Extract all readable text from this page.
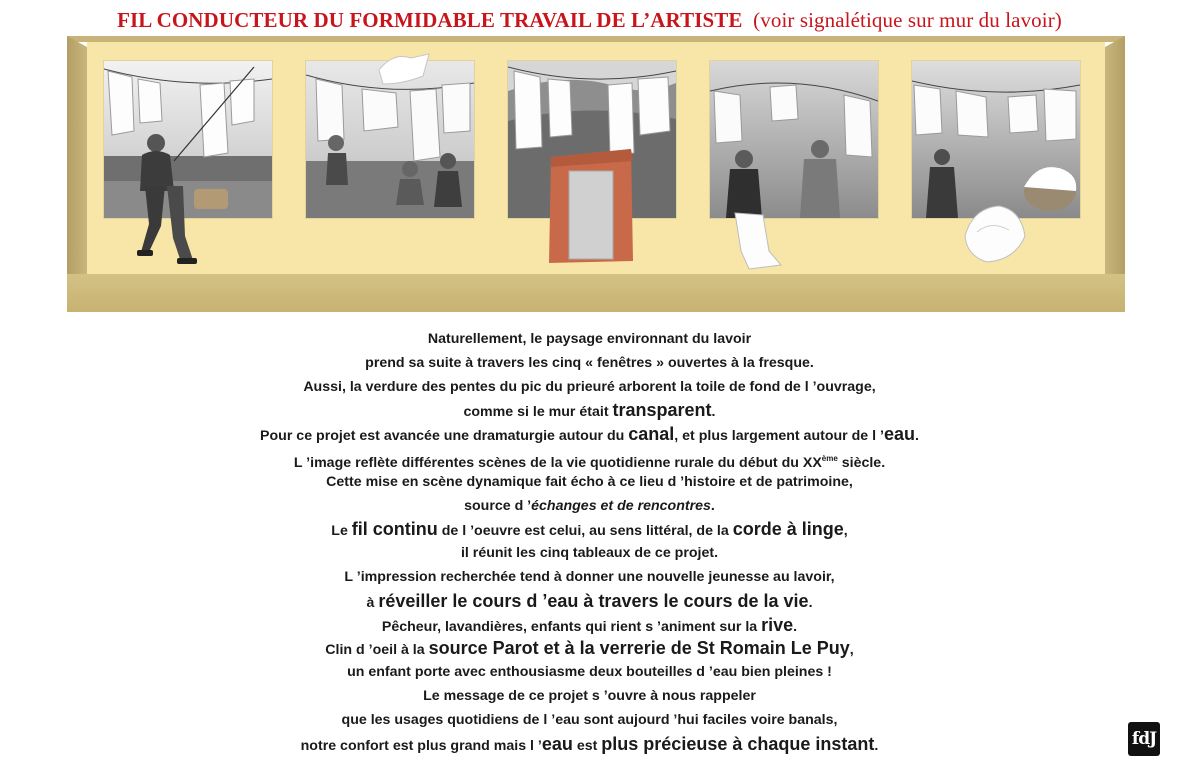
FIL CONDUCTEUR DU FORMIDABLE TRAVAIL DE L’ARTISTE (voir signalétique sur mur du lavoir)
Naturellement, le paysage environnant du lavoir
prend sa suite à travers les cinq « fenêtres » ouvertes à la fresque.
Aussi, la verdure des pentes du pic du prieuré arborent la toile de fond de l ’ouvrage,
comme si le mur était transparent.
Pour ce projet est avancée une dramaturgie autour du canal, et plus largement autour de l ’eau.
L ’image reflète différentes scènes de la vie quotidienne rurale du début du XXème siècle.
Cette mise en scène dynamique fait écho à ce lieu d ’histoire et de patrimoine,
source d ’échanges et de rencontres.
Le fil continu de l ’oeuvre est celui, au sens littéral, de la corde à linge,
il réunit les cinq tableaux de ce projet.
L ’impression recherchée tend à donner une nouvelle jeunesse au lavoir,
à réveiller le cours d ’eau à travers le cours de la vie.
Pêcheur, lavandières, enfants qui rient s ’animent sur la rive.
Clin d ’oeil à la source Parot et à la verrerie de St Romain Le Puy,
un enfant porte avec enthousiasme deux bouteilles d ’eau bien pleines !
Le message de ce projet s ’ouvre à nous rappeler
que les usages quotidiens de l ’eau sont aujourd ’hui faciles voire banals,
notre confort est plus grand mais l ’eau est plus précieuse à chaque instant.	fdJ
